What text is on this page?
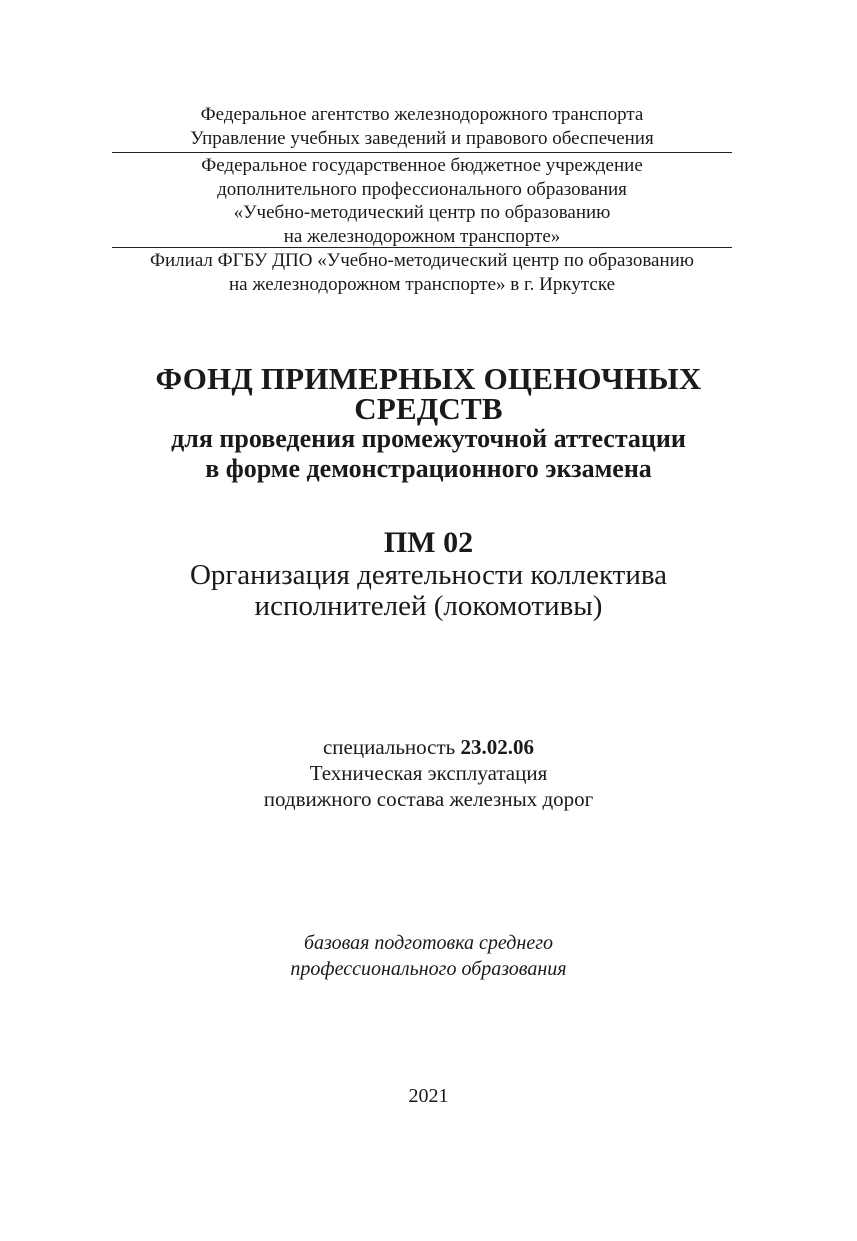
Федеральное агентство железнодорожного транспорта
Управление учебных заведений и правового обеспечения
Федеральное государственное бюджетное учреждение
дополнительного профессионального образования
«Учебно-методический центр по образованию
на железнодорожном транспорте»
Филиал ФГБУ ДПО «Учебно-методический центр по образованию
на железнодорожном транспорте» в г. Иркутске
ФОНД ПРИМЕРНЫХ ОЦЕНОЧНЫХ
СРЕДСТВ
для проведения промежуточной аттестации
в форме демонстрационного экзамена
ПМ 02
Организация деятельности коллектива
исполнителей (локомотивы)
специальность 23.02.06
Техническая эксплуатация
подвижного состава железных дорог
базовая подготовка среднего
профессионального образования
2021
